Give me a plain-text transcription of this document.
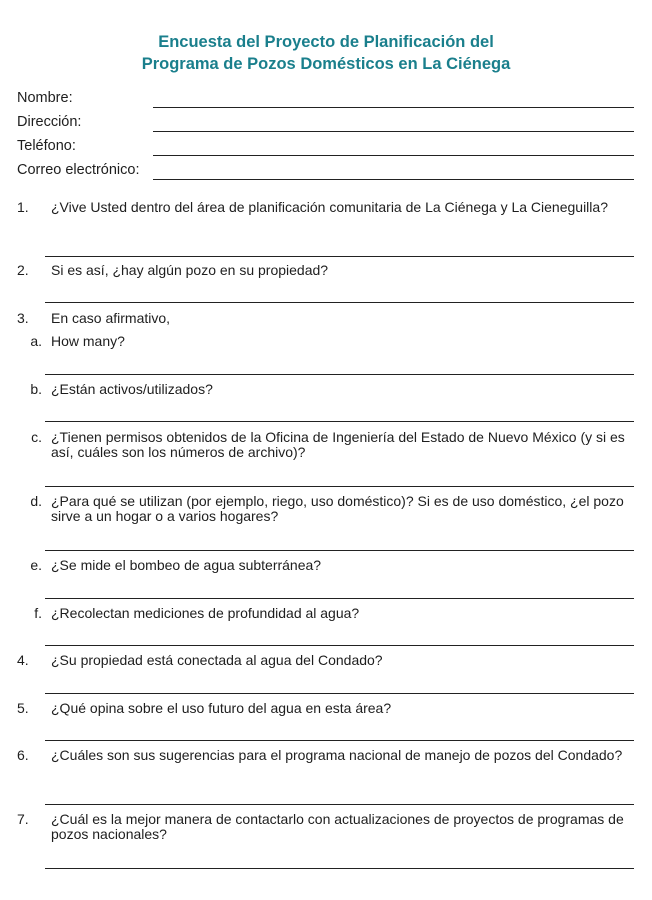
Encuesta del Proyecto de Planificación del
Programa de Pozos Domésticos en La Ciénega
Nombre:
Dirección:
Teléfono:
Correo electrónico:
1. ¿Vive Usted dentro del área de planificación comunitaria de La Ciénega y La Cieneguilla?
2. Si es así, ¿hay algún pozo en su propiedad?
3. En caso afirmativo,
a. How many?
b. ¿Están activos/utilizados?
c. ¿Tienen permisos obtenidos de la Oficina de Ingeniería del Estado de Nuevo México (y si es así, cuáles son los números de archivo)?
d. ¿Para qué se utilizan (por ejemplo, riego, uso doméstico)? Si es de uso doméstico, ¿el pozo sirve a un hogar o a varios hogares?
e. ¿Se mide el bombeo de agua subterránea?
f. ¿Recolectan mediciones de profundidad al agua?
4. ¿Su propiedad está conectada al agua del Condado?
5. ¿Qué opina sobre el uso futuro del agua en esta área?
6. ¿Cuáles son sus sugerencias para el programa nacional de manejo de pozos del Condado?
7. ¿Cuál es la mejor manera de contactarlo con actualizaciones de proyectos de programas de pozos nacionales?
